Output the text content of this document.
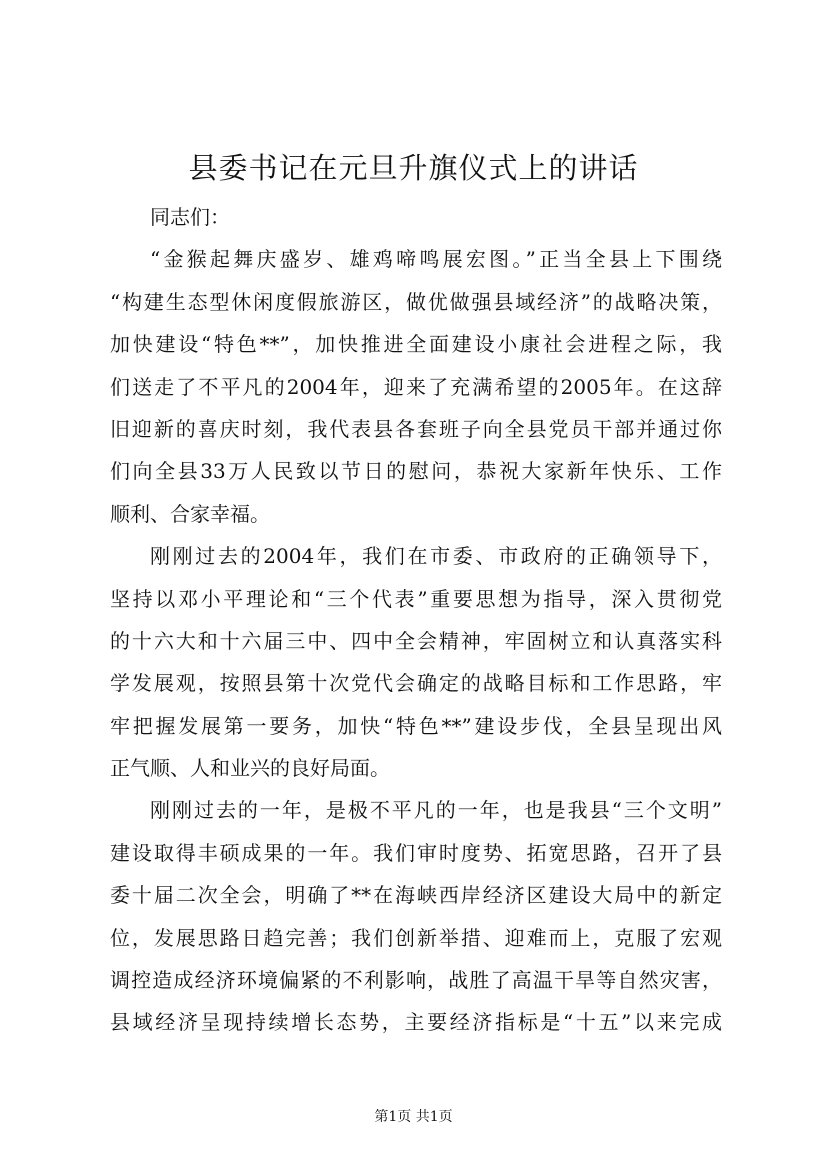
县委书记在元旦升旗仪式上的讲话
同志们：
“金猴起舞庆盛岁、雄鸡啼鸣展宏图。”正当全县上下围绕
“构建生态型休闲度假旅游区，做优做强县域经济”的战略决策，
加快建设“特色**”，加快推进全面建设小康社会进程之际，我
们送走了不平凡的2004年，迎来了充满希望的2005年。在这辞
旧迎新的喜庆时刻，我代表县各套班子向全县党员干部并通过你
们向全县33万人民致以节日的慰问，恭祝大家新年快乐、工作
顺利、合家幸福。
刚刚过去的2004年，我们在市委、市政府的正确领导下，
坚持以邓小平理论和“三个代表”重要思想为指导，深入贯彻党
的十六大和十六届三中、四中全会精神，牢固树立和认真落实科
学发展观，按照县第十次党代会确定的战略目标和工作思路，牢
牢把握发展第一要务，加快“特色**”建设步伐，全县呈现出风
正气顺、人和业兴的良好局面。
刚刚过去的一年，是极不平凡的一年，也是我县“三个文明”
建设取得丰硕成果的一年。我们审时度势、拓宽思路，召开了县
委十届二次全会，明确了**在海峡西岸经济区建设大局中的新定
位，发展思路日趋完善；我们创新举措、迎难而上，克服了宏观
调控造成经济环境偏紧的不利影响，战胜了高温干旱等自然灾害，
县域经济呈现持续增长态势，主要经济指标是“十五”以来完成
第1页 共1页
